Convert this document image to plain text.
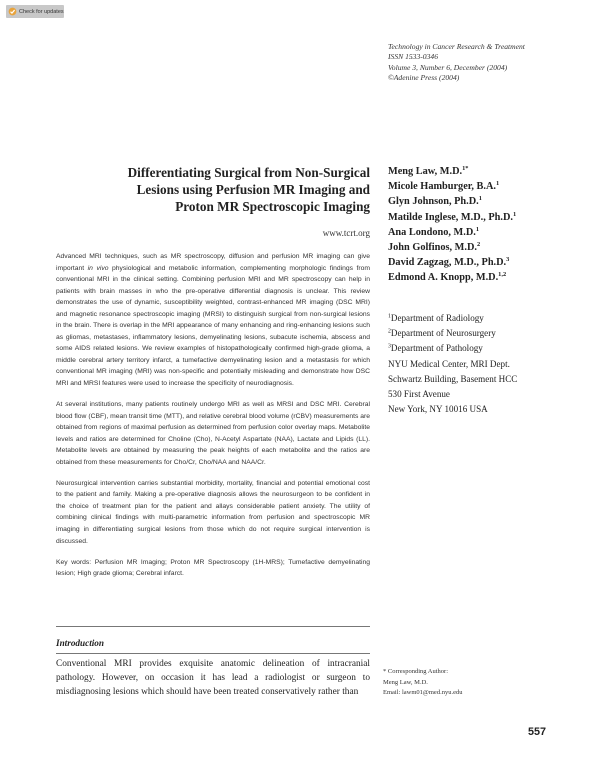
Check for updates
Technology in Cancer Research & Treatment
ISSN 1533-0346
Volume 3, Number 6, December (2004)
©Adenine Press (2004)
Differentiating Surgical from Non-Surgical
Lesions using Perfusion MR Imaging and
Proton MR Spectroscopic Imaging
www.tcrt.org
Meng Law, M.D.$^{1*}$
Micole Hamburger, B.A.$^1$
Glyn Johnson, Ph.D.$^1$
Matilde Inglese, M.D., Ph.D.$^1$
Ana Londono, M.D.$^1$
John Golfinos, M.D.$^2$
David Zagzag, M.D., Ph.D.$^3$
Edmond A. Knopp, M.D.$^{1,2}$
$^1$Department of Radiology
$^2$Department of Neurosurgery
$^3$Department of Pathology
NYU Medical Center, MRI Dept.
Schwartz Building, Basement HCC
530 First Avenue
New York, NY 10016 USA

Advanced MRI techniques, such as MR spectroscopy, diffusion and perfusion MR imaging can give important in vivo physiological and metabolic information, complementing morphologic findings from conventional MRI in the clinical setting. Combining perfusion MRI and MR spectroscopy can help in patients with brain masses in who the pre-operative differential diagnosis is unclear. This review demonstrates the use of dynamic, susceptibility weighted, contrast-enhanced MR imaging (DSC MRI) and magnetic resonance spectroscopic imaging (MRSI) to distinguish surgical from non-surgical lesions in the brain. There is overlap in the MRI appearance of many enhancing and ring-enhancing lesions such as gliomas, metastases, inflammatory lesions, demyelinating lesions, subacute ischemia, abscess and some AIDS related lesions. We review examples of histopathologically confirmed high-grade glioma, a middle cerebral artery territory infarct, a tumefactive demyelinating lesion and a metastasis for which conventional MR imaging (MRI) was non-specific and potentially misleading and demonstrate how DSC MRI and MRSI features were used to increase the specificity of neurodiagnosis.

At several institutions, many patients routinely undergo MRI as well as MRSI and DSC MRI. Cerebral blood flow (CBF), mean transit time (MTT), and relative cerebral blood volume (rCBV) measurements are obtained from regions of maximal perfusion as determined from perfusion color overlay maps. Metabolite levels and ratios are determined for Choline (Cho), N-Acetyl Aspartate (NAA), Lactate and Lipids (LL). Metabolite levels are obtained by measuring the peak heights of each metabolite and the ratios are obtained from these measurements for Cho/Cr, Cho/NAA and NAA/Cr.

Neurosurgical intervention carries substantial morbidity, mortality, financial and potential emotional cost to the patient and family. Making a pre-operative diagnosis allows the neurosurgeon to be confident in the choice of treatment plan for the patient and allays considerable patient anxiety. The utility of combining clinical findings with multi-parametric information from perfusion and spectroscopic MR imaging in differentiating surgical lesions from those which do not require surgical intervention is discussed.

Key words: Perfusion MR Imaging; Proton MR Spectroscopy (1H-MRS); Tumefactive demyelinating lesion; High grade glioma; Cerebral infarct.

Introduction
Conventional MRI provides exquisite anatomic delineation of intracranial pathology. However, on occasion it has lead a radiologist or surgeon to misdiagnosing lesions which should have been treated conservatively rather than
* Corresponding Author:
Meng Law, M.D.
Email: lawm01@med.nyu.edu
557
